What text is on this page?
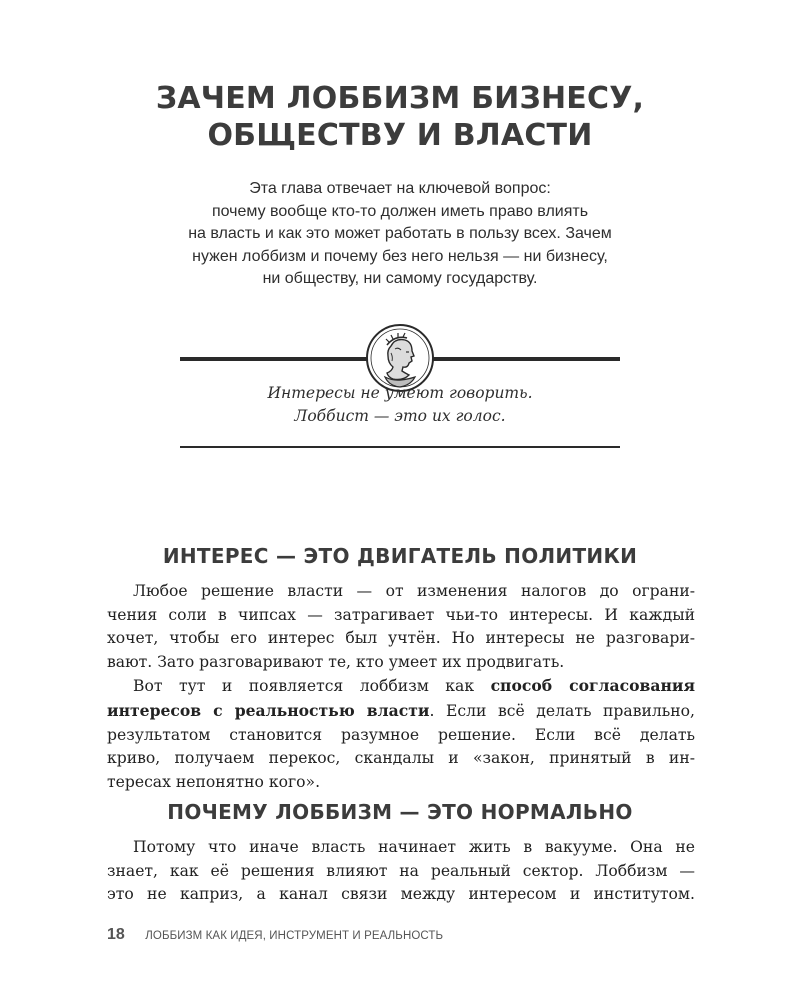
ЗАЧЕМ ЛОББИЗМ БИЗНЕСУ,
ОБЩЕСТВУ И ВЛАСТИ
Эта глава отвечает на ключевой вопрос:
почему вообще кто-то должен иметь право влиять
на власть и как это может работать в пользу всех. Зачем
нужен лоббизм и почему без него нельзя — ни бизнесу,
ни обществу, ни самому государству.
Интересы не умеют говорить.
Лоббист — это их голос.
ИНТЕРЕС — ЭТО ДВИГАТЕЛЬ ПОЛИТИКИ
Любое решение власти — от изменения налогов до ограни-
чения соли в чипсах — затрагивает чьи-то интересы. И каждый
хочет, чтобы его интерес был учтён. Но интересы не разговари-
вают. Зато разговаривают те, кто умеет их продвигать.
Вот тут и появляется лоббизм как способ согласования
интересов с реальностью власти. Если всё делать правильно,
результатом становится разумное решение. Если всё делать
криво, получаем перекос, скандалы и «закон, принятый в ин-
тересах непонятно кого».
ПОЧЕМУ ЛОББИЗМ — ЭТО НОРМАЛЬНО
Потому что иначе власть начинает жить в вакууме. Она не
знает, как её решения влияют на реальный сектор. Лоббизм —
это не каприз, а канал связи между интересом и институтом.
18 ЛОББИЗМ КАК ИДЕЯ, ИНСТРУМЕНТ И РЕАЛЬНОСТЬ
